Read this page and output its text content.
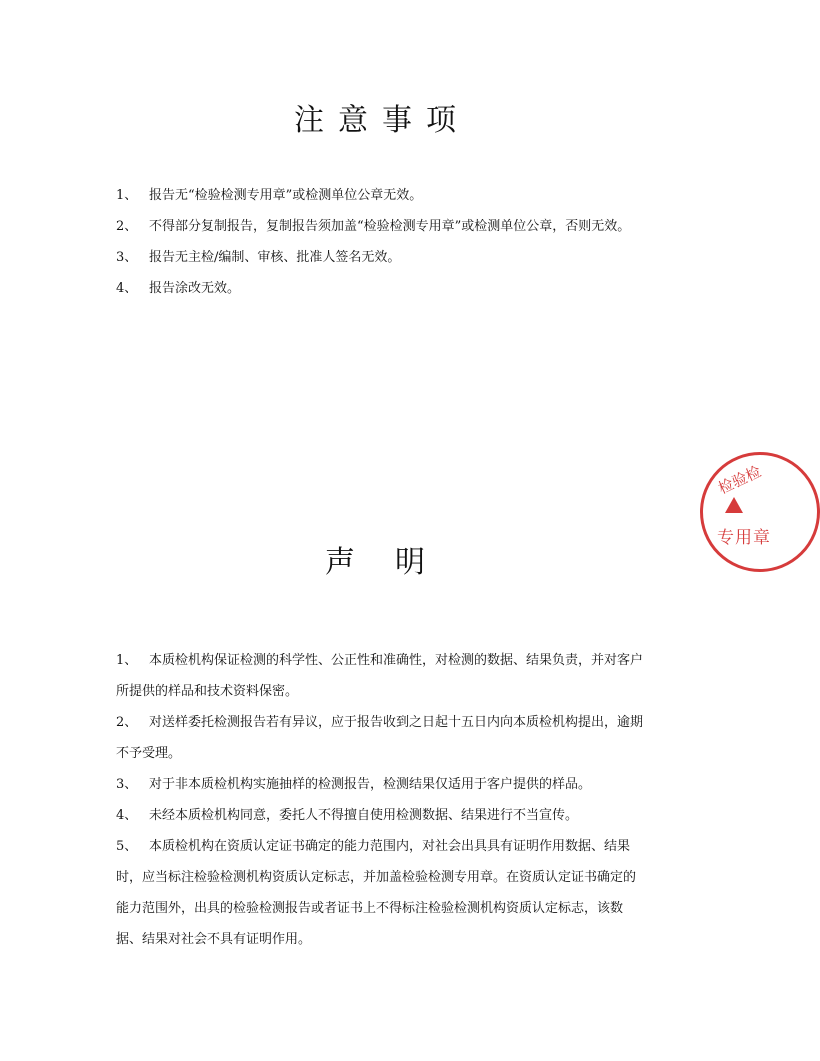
注意事项

1、 报告无“检验检测专用章”或检测单位公章无效。

2、 不得部分复制报告，复制报告须加盖“检验检测专用章”或检测单位公章，否则无效。

3、 报告无主检/编制、审核、批准人签名无效。

4、 报告涂改无效。

声明

1、 本质检机构保证检测的科学性、公正性和准确性，对检测的数据、结果负责，并对客户所提供的样品和技术资料保密。

2、 对送样委托检测报告若有异议，应于报告收到之日起十五日内向本质检机构提出，逾期不予受理。

3、 对于非本质检机构实施抽样的检测报告，检测结果仅适用于客户提供的样品。

4、 未经本质检机构同意，委托人不得擅自使用检测数据、结果进行不当宣传。

5、 本质检机构在资质认定证书确定的能力范围内，对社会出具具有证明作用数据、结果时，应当标注检验检测机构资质认定标志，并加盖检验检测专用章。在资质认定证书确定的能力范围外，出具的检验检测报告或者证书上不得标注检验检测机构资质认定标志，该数据、结果对社会不具有证明作用。

检验检
专用章
